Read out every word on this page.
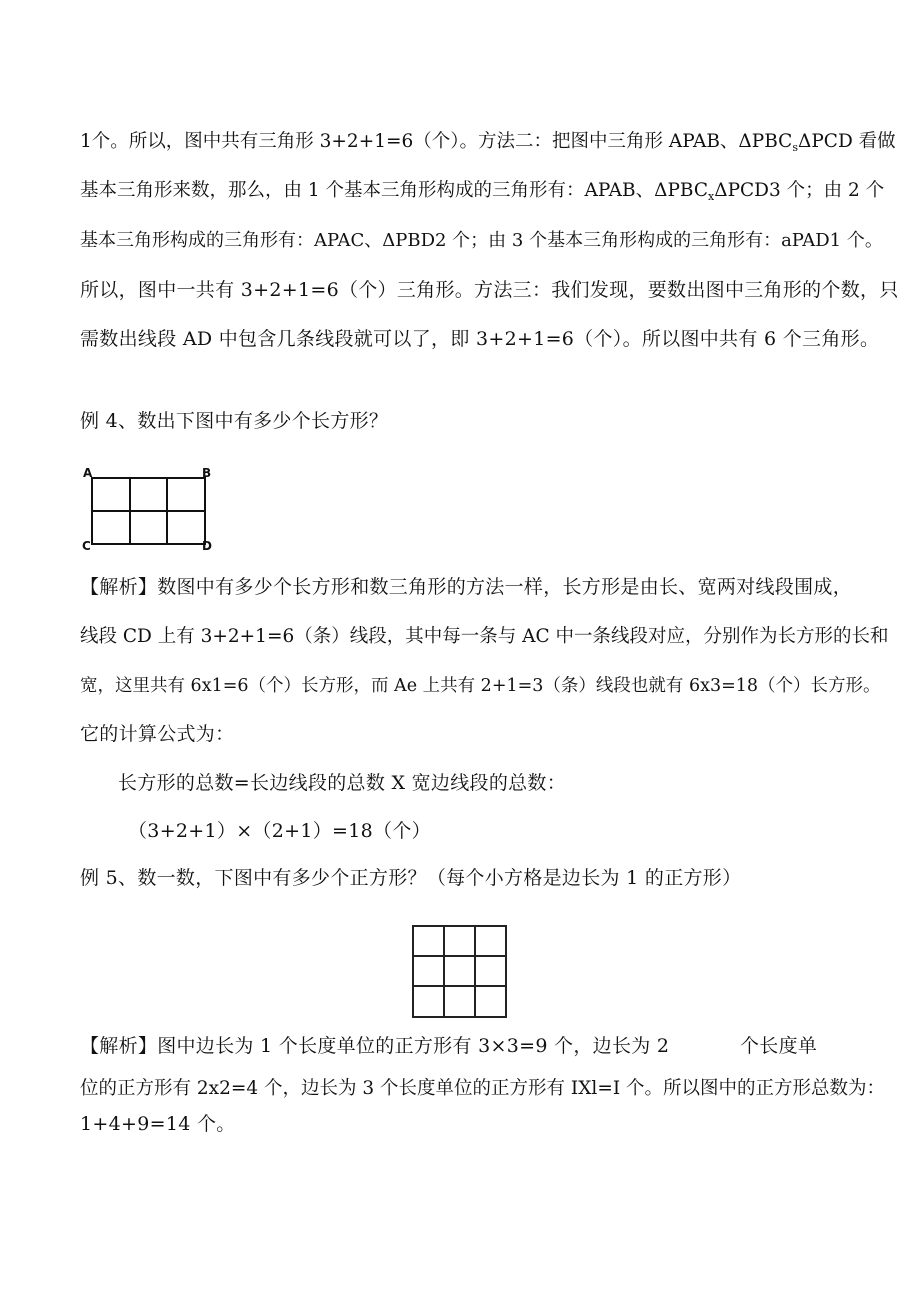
1个。所以，图中共有三角形 3+2+1=6（个）。方法二：把图中三角形 APAB、$\Delta PBC_s\Delta PCD$ 看做
基本三角形来数，那么，由 1 个基本三角形构成的三角形有：APAB、$\Delta PBC_x\Delta PCD3$ 个；由 2 个
基本三角形构成的三角形有：APAC、ΔPBD2 个；由 3 个基本三角形构成的三角形有：aPAD1 个。
所以，图中一共有 3+2+1=6（个）三角形。方法三：我们发现，要数出图中三角形的个数，只
需数出线段 AD 中包含几条线段就可以了，即 3+2+1=6（个）。所以图中共有 6 个三角形。
例 4、数出下图中有多少个长方形？
A	B
C	D
【解析】数图中有多少个长方形和数三角形的方法一样，长方形是由长、宽两对线段围成，
线段 CD 上有 3+2+1=6（条）线段，其中每一条与 AC 中一条线段对应，分别作为长方形的长和
宽，这里共有 6x1=6（个）长方形，而 Ae 上共有 2+1=3（条）线段也就有 6x3=18（个）长方形。
它的计算公式为：
长方形的总数=长边线段的总数 X 宽边线段的总数：
（3+2+1）×（2+1）=18（个）
例 5、数一数，下图中有多少个正方形？（每个小方格是边长为 1 的正方形）
【解析】图中边长为 1 个长度单位的正方形有 3×3=9 个，边长为 2	个长度单
位的正方形有 2x2=4 个，边长为 3 个长度单位的正方形有 IXl=I 个。所以图中的正方形总数为：
1+4+9=14 个。
